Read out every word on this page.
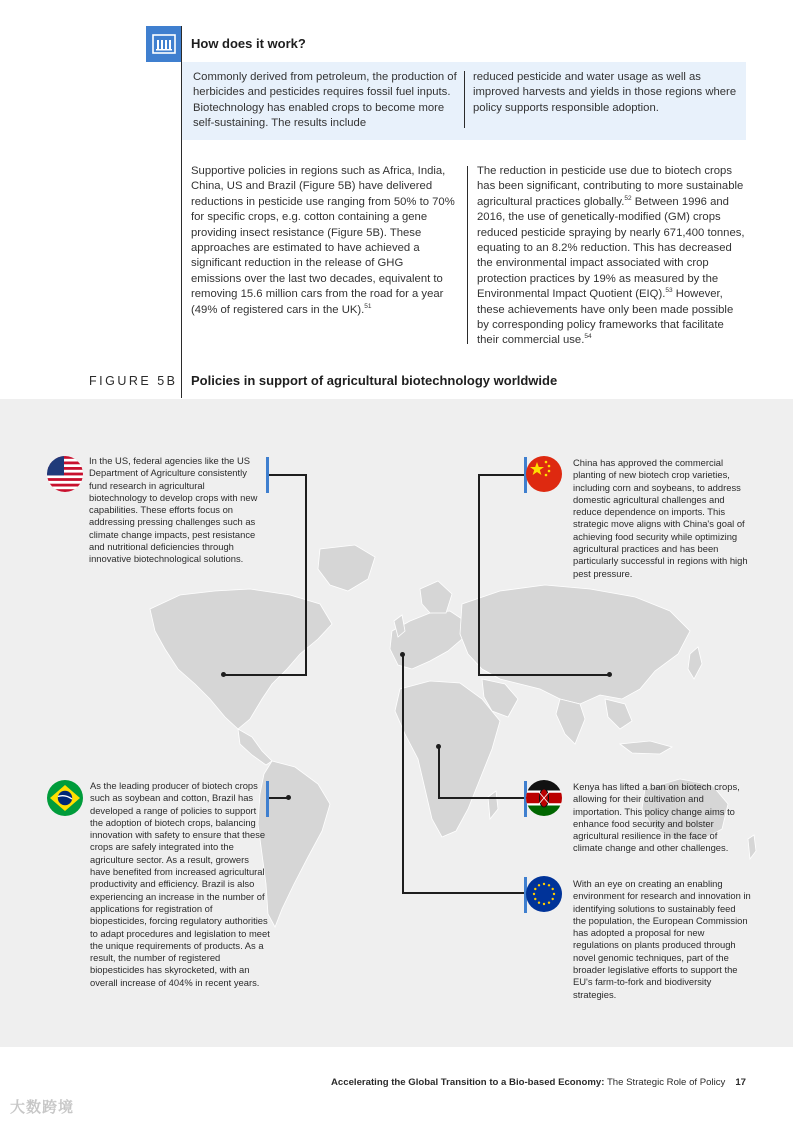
How does it work?
Commonly derived from petroleum, the production of herbicides and pesticides requires fossil fuel inputs. Biotechnology has enabled crops to become more self-sustaining. The results include
reduced pesticide and water usage as well as improved harvests and yields in those regions where policy supports responsible adoption.
Supportive policies in regions such as Africa, India, China, US and Brazil (Figure 5B) have delivered reductions in pesticide use ranging from 50% to 70% for specific crops, e.g. cotton containing a gene providing insect resistance (Figure 5B). These approaches are estimated to have achieved a significant reduction in the release of GHG emissions over the last two decades, equivalent to removing 15.6 million cars from the road for a year (49% of registered cars in the UK).$^{51}$
The reduction in pesticide use due to biotech crops has been significant, contributing to more sustainable agricultural practices globally.$^{52}$ Between 1996 and 2016, the use of genetically-modified (GM) crops reduced pesticide spraying by nearly 671,400 tonnes, equating to an 8.2% reduction. This has decreased the environmental impact associated with crop protection practices by 19% as measured by the Environmental Impact Quotient (EIQ).$^{53}$ However, these achievements have only been made possible by corresponding policy frameworks that facilitate their commercial use.$^{54}$
FIGURE 5B Policies in support of agricultural biotechnology worldwide
In the US, federal agencies like the US Department of Agriculture consistently fund research in agricultural biotechnology to develop crops with new capabilities. These efforts focus on addressing pressing challenges such as climate change impacts, pest resistance and nutritional deficiencies through innovative biotechnological solutions.
China has approved the commercial planting of new biotech crop varieties, including corn and soybeans, to address domestic agricultural challenges and reduce dependence on imports. This strategic move aligns with China's goal of achieving food security while optimizing agricultural practices and has been particularly successful in regions with high pest pressure.
As the leading producer of biotech crops such as soybean and cotton, Brazil has developed a range of policies to support the adoption of biotech crops, balancing innovation with safety to ensure that these crops are safely integrated into the agriculture sector. As a result, growers have benefited from increased agricultural productivity and efficiency. Brazil is also experiencing an increase in the number of applications for registration of biopesticides, forcing regulatory authorities to adapt procedures and legislation to meet the unique requirements of products. As a result, the number of registered biopesticides has skyrocketed, with an overall increase of 404% in recent years.
Kenya has lifted a ban on biotech crops, allowing for their cultivation and importation. This policy change aims to enhance food security and bolster agricultural resilience in the face of climate change and other challenges.
With an eye on creating an enabling environment for research and innovation in identifying solutions to sustainably feed the population, the European Commission has adopted a proposal for new regulations on plants produced through novel genomic techniques, part of the broader legislative efforts to support the EU's farm-to-fork and biodiversity strategies.
Accelerating the Global Transition to a Bio-based Economy: The Strategic Role of Policy 17
大数跨境
